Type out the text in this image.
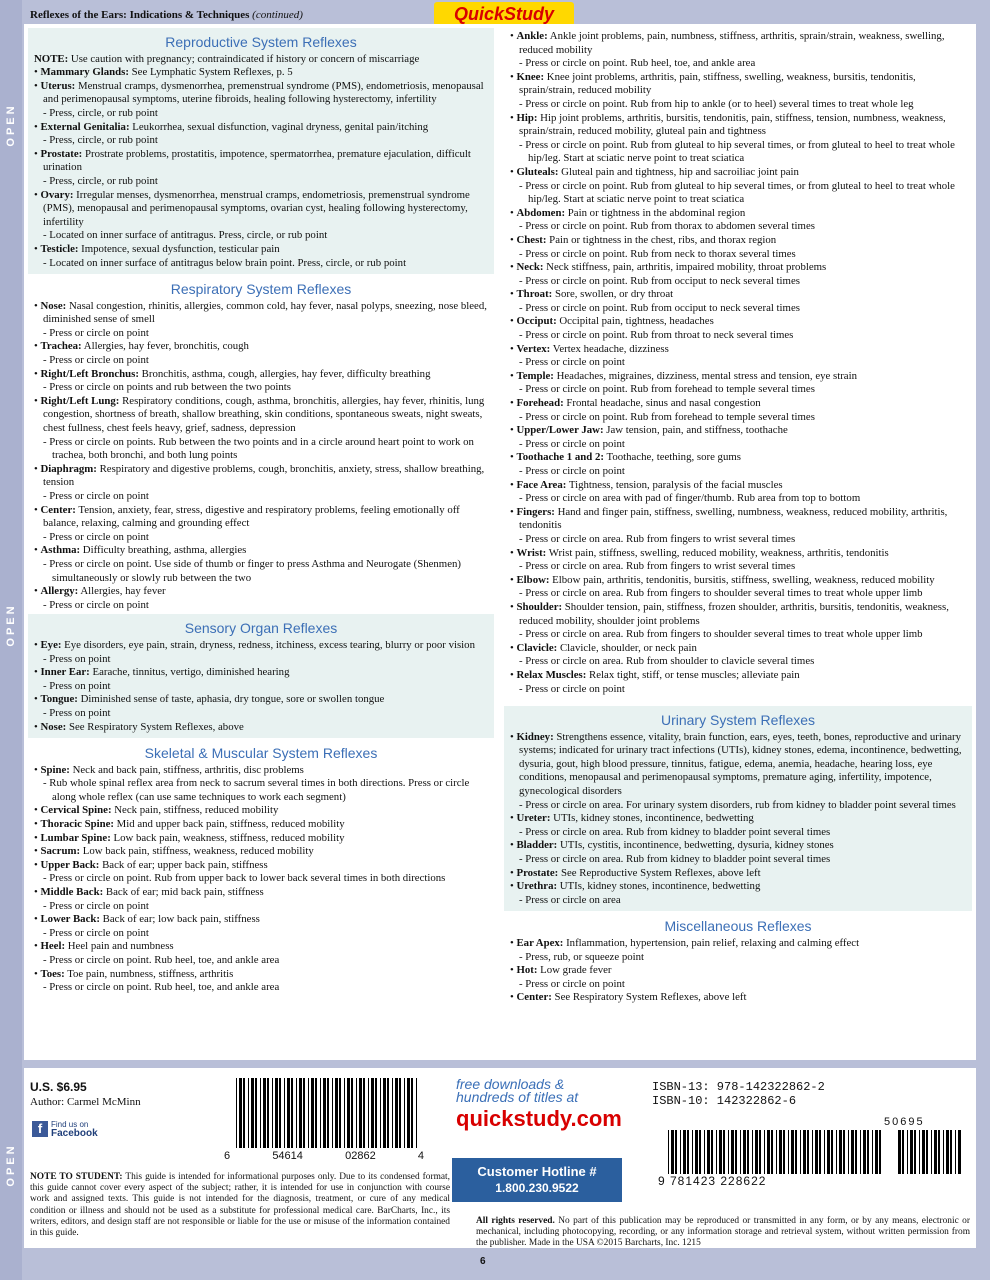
OPEN
OPEN
OPEN
Reflexes of the Ears: Indications & Techniques (continued)	QuickStudy
Reproductive System Reflexes
NOTE: Use caution with pregnancy; contraindicated if history or concern of miscarriage
• Mammary Glands: See Lymphatic System Reflexes, p. 5
• Uterus: Menstrual cramps, dysmenorrhea, premenstrual syndrome (PMS), endometriosis, menopausal and perimenopausal symptoms, uterine fibroids, healing following hysterectomy, infertility
- Press, circle, or rub point
• External Genitalia: Leukorrhea, sexual disfunction, vaginal dryness, genital pain/itching
- Press, circle, or rub point
• Prostate: Prostrate problems, prostatitis, impotence, spermatorrhea, premature ejaculation, difficult urination
- Press, circle, or rub point
• Ovary: Irregular menses, dysmenorrhea, menstrual cramps, endometriosis, premenstrual syndrome (PMS), menopausal and perimenopausal symptoms, ovarian cyst, healing following hysterectomy, infertility
- Located on inner surface of antitragus. Press, circle, or rub point
• Testicle: Impotence, sexual dysfunction, testicular pain
- Located on inner surface of antitragus below brain point. Press, circle, or rub point
Respiratory System Reflexes
• Nose: Nasal congestion, rhinitis, allergies, common cold, hay fever, nasal polyps, sneezing, nose bleed, diminished sense of smell
- Press or circle on point
• Trachea: Allergies, hay fever, bronchitis, cough
- Press or circle on point
• Right/Left Bronchus: Bronchitis, asthma, cough, allergies, hay fever, difficulty breathing
- Press or circle on points and rub between the two points
• Right/Left Lung: Respiratory conditions, cough, asthma, bronchitis, allergies, hay fever, rhinitis, lung congestion, shortness of breath, shallow breathing, skin conditions, spontaneous sweats, night sweats, chest fullness, chest feels heavy, grief, sadness, depression
- Press or circle on points. Rub between the two points and in a circle around heart point to work on trachea, both bronchi, and both lung points
• Diaphragm: Respiratory and digestive problems, cough, bronchitis, anxiety, stress, shallow breathing, tension
- Press or circle on point
• Center: Tension, anxiety, fear, stress, digestive and respiratory problems, feeling emotionally off balance, relaxing, calming and grounding effect
- Press or circle on point
• Asthma: Difficulty breathing, asthma, allergies
- Press or circle on point. Use side of thumb or finger to press Asthma and Neurogate (Shenmen) simultaneously or slowly rub between the two
• Allergy: Allergies, hay fever
- Press or circle on point
Sensory Organ Reflexes
• Eye: Eye disorders, eye pain, strain, dryness, redness, itchiness, excess tearing, blurry or poor vision
- Press on point
• Inner Ear: Earache, tinnitus, vertigo, diminished hearing
- Press on point
• Tongue: Diminished sense of taste, aphasia, dry tongue, sore or swollen tongue
- Press on point
• Nose: See Respiratory System Reflexes, above
Skeletal & Muscular System Reflexes
• Spine: Neck and back pain, stiffness, arthritis, disc problems
- Rub whole spinal reflex area from neck to sacrum several times in both directions. Press or circle along whole reflex (can use same techniques to work each segment)
• Cervical Spine: Neck pain, stiffness, reduced mobility
• Thoracic Spine: Mid and upper back pain, stiffness, reduced mobility
• Lumbar Spine: Low back pain, weakness, stiffness, reduced mobility
• Sacrum: Low back pain, stiffness, weakness, reduced mobility
• Upper Back: Back of ear; upper back pain, stiffness
- Press or circle on point. Rub from upper back to lower back several times in both directions
• Middle Back: Back of ear; mid back pain, stiffness
- Press or circle on point
• Lower Back: Back of ear; low back pain, stiffness
- Press or circle on point
• Heel: Heel pain and numbness
- Press or circle on point. Rub heel, toe, and ankle area
• Toes: Toe pain, numbness, stiffness, arthritis
- Press or circle on point. Rub heel, toe, and ankle area
• Ankle: Ankle joint problems, pain, numbness, stiffness, arthritis, sprain/strain, weakness, swelling, reduced mobility
- Press or circle on point. Rub heel, toe, and ankle area
• Knee: Knee joint problems, arthritis, pain, stiffness, swelling, weakness, bursitis, tendonitis, sprain/strain, reduced mobility
- Press or circle on point. Rub from hip to ankle (or to heel) several times to treat whole leg
• Hip: Hip joint problems, arthritis, bursitis, tendonitis, pain, stiffness, tension, numbness, weakness, sprain/strain, reduced mobility, gluteal pain and tightness
- Press or circle on point. Rub from gluteal to hip several times, or from gluteal to heel to treat whole hip/leg. Start at sciatic nerve point to treat sciatica
• Gluteals: Gluteal pain and tightness, hip and sacroiliac joint pain
- Press or circle on point. Rub from gluteal to hip several times, or from gluteal to heel to treat whole hip/leg. Start at sciatic nerve point to treat sciatica
• Abdomen: Pain or tightness in the abdominal region
- Press or circle on point. Rub from thorax to abdomen several times
• Chest: Pain or tightness in the chest, ribs, and thorax region
- Press or circle on point. Rub from neck to thorax several times
• Neck: Neck stiffness, pain, arthritis, impaired mobility, throat problems
- Press or circle on point. Rub from occiput to neck several times
• Throat: Sore, swollen, or dry throat
- Press or circle on point. Rub from occiput to neck several times
• Occiput: Occipital pain, tightness, headaches
- Press or circle on point. Rub from throat to neck several times
• Vertex: Vertex headache, dizziness
- Press or circle on point
• Temple: Headaches, migraines, dizziness, mental stress and tension, eye strain
- Press or circle on point. Rub from forehead to temple several times
• Forehead: Frontal headache, sinus and nasal congestion
- Press or circle on point. Rub from forehead to temple several times
• Upper/Lower Jaw: Jaw tension, pain, and stiffness, toothache
- Press or circle on point
• Toothache 1 and 2: Toothache, teething, sore gums
- Press or circle on point
• Face Area: Tightness, tension, paralysis of the facial muscles
- Press or circle on area with pad of finger/thumb. Rub area from top to bottom
• Fingers: Hand and finger pain, stiffness, swelling, numbness, weakness, reduced mobility, arthritis, tendonitis
- Press or circle on area. Rub from fingers to wrist several times
• Wrist: Wrist pain, stiffness, swelling, reduced mobility, weakness, arthritis, tendonitis
- Press or circle on area. Rub from fingers to wrist several times
• Elbow: Elbow pain, arthritis, tendonitis, bursitis, stiffness, swelling, weakness, reduced mobility
- Press or circle on area. Rub from fingers to shoulder several times to treat whole upper limb
• Shoulder: Shoulder tension, pain, stiffness, frozen shoulder, arthritis, bursitis, tendonitis, weakness, reduced mobility, shoulder joint problems
- Press or circle on area. Rub from fingers to shoulder several times to treat whole upper limb
• Clavicle: Clavicle, shoulder, or neck pain
- Press or circle on area. Rub from shoulder to clavicle several times
• Relax Muscles: Relax tight, stiff, or tense muscles; alleviate pain
- Press or circle on point
Urinary System Reflexes
• Kidney: Strengthens essence, vitality, brain function, ears, eyes, teeth, bones, reproductive and urinary systems; indicated for urinary tract infections (UTIs), kidney stones, edema, incontinence, bedwetting, dysuria, gout, high blood pressure, tinnitus, fatigue, edema, anemia, headache, hearing loss, eye conditions, menopausal and perimenopausal symptoms, premature aging, infertility, impotence, gynecological disorders
- Press or circle on area. For urinary system disorders, rub from kidney to bladder point several times
• Ureter: UTIs, kidney stones, incontinence, bedwetting
- Press or circle on area. Rub from kidney to bladder point several times
• Bladder: UTIs, cystitis, incontinence, bedwetting, dysuria, kidney stones
- Press or circle on area. Rub from kidney to bladder point several times
• Prostate: See Reproductive System Reflexes, above left
• Urethra: UTIs, kidney stones, incontinence, bedwetting
- Press or circle on area
Miscellaneous Reflexes
• Ear Apex: Inflammation, hypertension, pain relief, relaxing and calming effect
- Press, rub, or squeeze point
• Hot: Low grade fever
- Press or circle on point
• Center: See Respiratory System Reflexes, above left
U.S. $6.95
Author: Carmel McMinn
f	Find us on
Facebook
6	54614	02862	4
free downloads &
hundreds of titles at
quickstudy.com
Customer Hotline #
1.800.230.9522
ISBN-13: 978-142322862-2
ISBN-10: 142322862-6
50695
9 781423 228622
NOTE TO STUDENT: This guide is intended for informational purposes only. Due to its condensed format, this guide cannot cover every aspect of the subject; rather, it is intended for use in conjunction with course work and assigned texts. This guide is not intended for the diagnosis, treatment, or cure of any medical condition or illness and should not be used as a substitute for professional medical care. BarCharts, Inc., its writers, editors, and design staff are not responsible or liable for the use or misuse of the information contained in this guide.
All rights reserved. No part of this publication may be reproduced or transmitted in any form, or by any means, electronic or mechanical, including photocopying, recording, or any information storage and retrieval system, without written permission from the publisher. Made in the USA ©2015 Barcharts, Inc. 1215
6
